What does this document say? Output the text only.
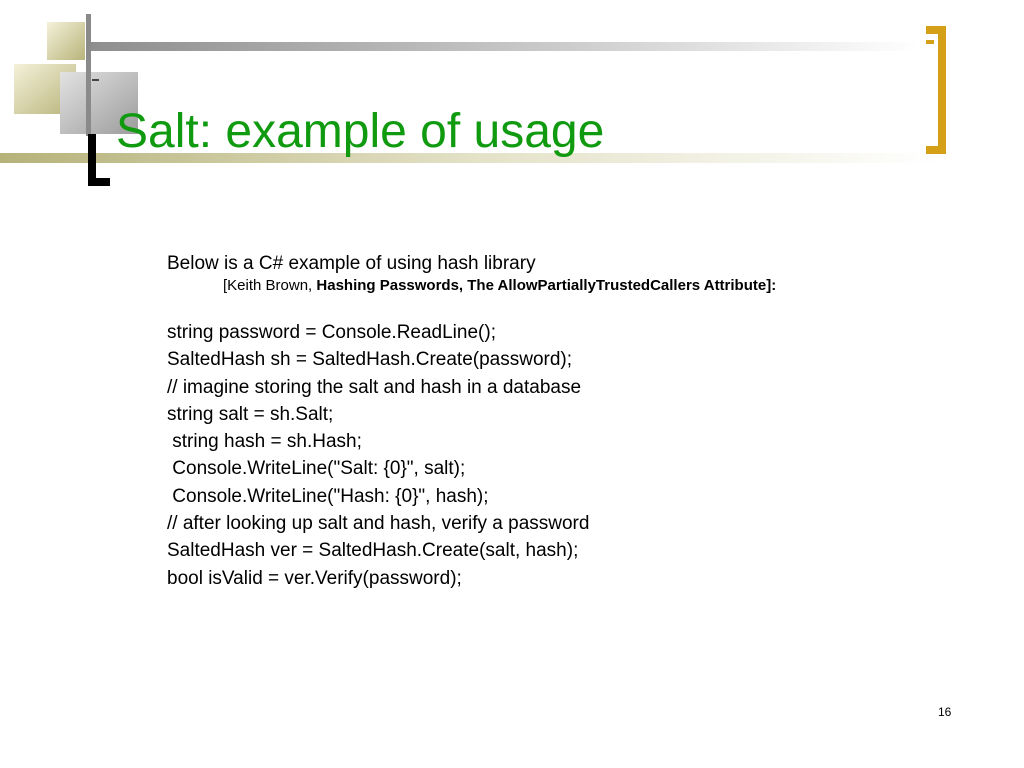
Salt: example of usage
Below is a C# example of using hash library
[Keith Brown, Hashing Passwords, The AllowPartiallyTrustedCallers Attribute]:
string password = Console.ReadLine();
SaltedHash sh = SaltedHash.Create(password);
// imagine storing the salt and hash in a database
string salt = sh.Salt;
string hash = sh.Hash;
Console.WriteLine("Salt: {0}", salt);
Console.WriteLine("Hash: {0}", hash);
// after looking up salt and hash, verify a password
SaltedHash ver = SaltedHash.Create(salt, hash);
bool isValid = ver.Verify(password);
16
